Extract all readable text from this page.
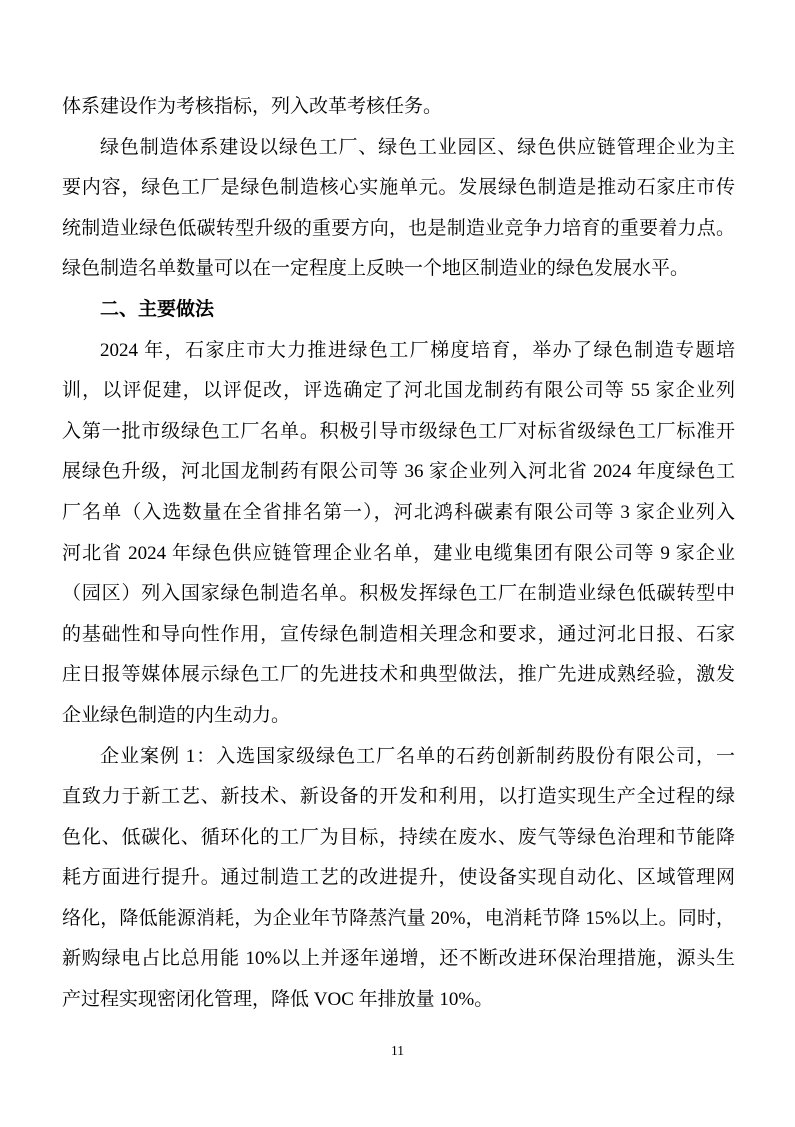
体系建设作为考核指标，列入改革考核任务。
绿色制造体系建设以绿色工厂、绿色工业园区、绿色供应链管理企业为主
要内容，绿色工厂是绿色制造核心实施单元。发展绿色制造是推动石家庄市传
统制造业绿色低碳转型升级的重要方向，也是制造业竞争力培育的重要着力点。
绿色制造名单数量可以在一定程度上反映一个地区制造业的绿色发展水平。
二、主要做法
2024 年，石家庄市大力推进绿色工厂梯度培育，举办了绿色制造专题培
训，以评促建，以评促改，评选确定了河北国龙制药有限公司等 55 家企业列
入第一批市级绿色工厂名单。积极引导市级绿色工厂对标省级绿色工厂标准开
展绿色升级，河北国龙制药有限公司等 36 家企业列入河北省 2024 年度绿色工
厂名单（入选数量在全省排名第一），河北鸿科碳素有限公司等 3 家企业列入
河北省 2024 年绿色供应链管理企业名单，建业电缆集团有限公司等 9 家企业
（园区）列入国家绿色制造名单。积极发挥绿色工厂在制造业绿色低碳转型中
的基础性和导向性作用，宣传绿色制造相关理念和要求，通过河北日报、石家
庄日报等媒体展示绿色工厂的先进技术和典型做法，推广先进成熟经验，激发
企业绿色制造的内生动力。
企业案例 1：入选国家级绿色工厂名单的石药创新制药股份有限公司，一
直致力于新工艺、新技术、新设备的开发和利用，以打造实现生产全过程的绿
色化、低碳化、循环化的工厂为目标，持续在废水、废气等绿色治理和节能降
耗方面进行提升。通过制造工艺的改进提升，使设备实现自动化、区域管理网
络化，降低能源消耗，为企业年节降蒸汽量 20%，电消耗节降 15%以上。同时，
新购绿电占比总用能 10%以上并逐年递增，还不断改进环保治理措施，源头生
产过程实现密闭化管理，降低 VOC 年排放量 10%。
11
